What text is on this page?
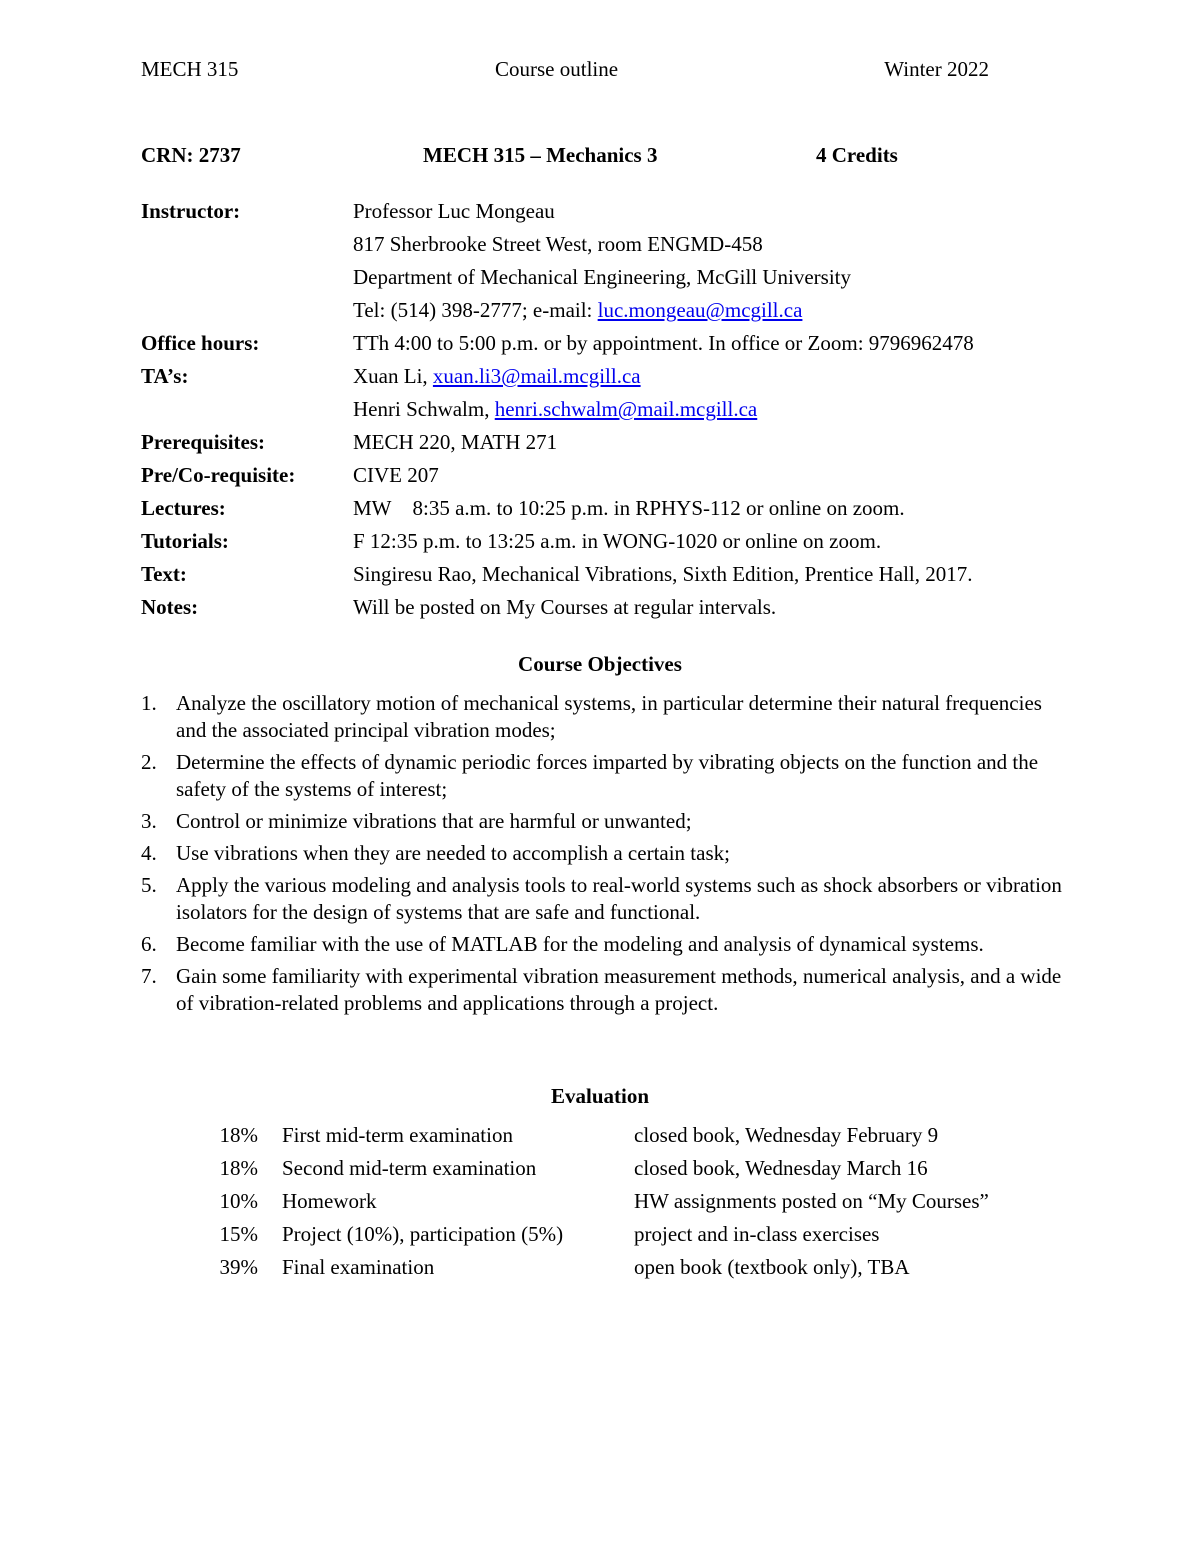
MECH 315	Course outline	Winter 2022
CRN: 2737	MECH 315 – Mechanics 3	4 Credits
Instructor:	Professor Luc Mongeau
817 Sherbrooke Street West, room ENGMD-458
Department of Mechanical Engineering, McGill University
Tel: (514) 398-2777; e-mail: luc.mongeau@mcgill.ca
Office hours:	TTh 4:00 to 5:00 p.m. or by appointment. In office or Zoom: 9796962478
TA’s:	Xuan Li, xuan.li3@mail.mcgill.ca
Henri Schwalm, henri.schwalm@mail.mcgill.ca
Prerequisites:	MECH 220, MATH 271
Pre/Co-requisite:	CIVE 207
Lectures:	MW    8:35 a.m. to 10:25 p.m. in RPHYS-112 or online on zoom.
Tutorials:	F 12:35 p.m. to 13:25 a.m. in WONG-1020 or online on zoom.
Text:	Singiresu Rao, Mechanical Vibrations, Sixth Edition, Prentice Hall, 2017.
Notes:	Will be posted on My Courses at regular intervals.
Course Objectives
1. Analyze the oscillatory motion of mechanical systems, in particular determine their natural frequencies and the associated principal vibration modes;
2. Determine the effects of dynamic periodic forces imparted by vibrating objects on the function and the safety of the systems of interest;
3. Control or minimize vibrations that are harmful or unwanted;
4. Use vibrations when they are needed to accomplish a certain task;
5. Apply the various modeling and analysis tools to real-world systems such as shock absorbers or vibration isolators for the design of systems that are safe and functional.
6. Become familiar with the use of MATLAB for the modeling and analysis of dynamical systems.
7. Gain some familiarity with experimental vibration measurement methods, numerical analysis, and a wide of vibration-related problems and applications through a project.
Evaluation
18%	First mid-term examination	closed book, Wednesday February 9
18%	Second mid-term examination	closed book, Wednesday March 16
10%	Homework	HW assignments posted on “My Courses”
15%	Project (10%), participation (5%)	project and in-class exercises
39%	Final examination	open book (textbook only), TBA
